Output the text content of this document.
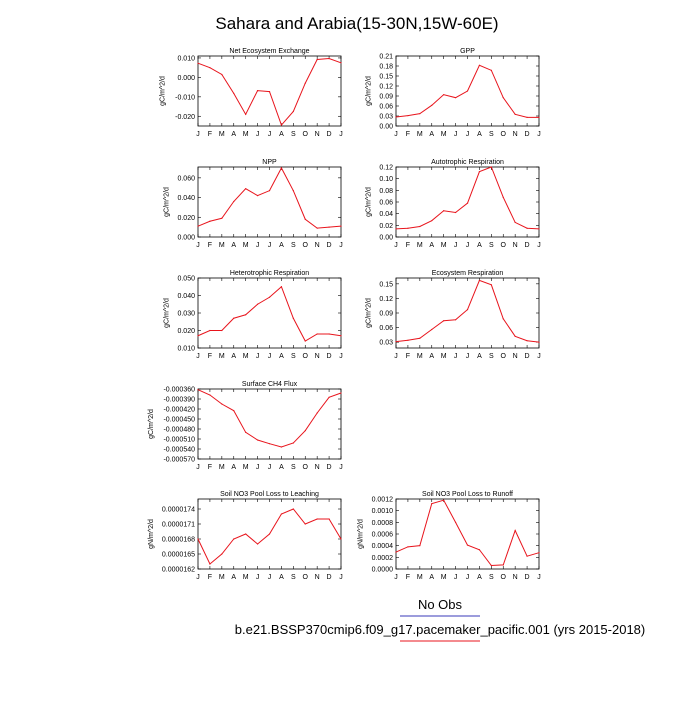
Sahara and Arabia(15-30N,15W-60E)
Net Ecosystem Exchange
J F M A M J J A S O N D J
0.010
0.000
-0.010
-0.020
gC/m^2/d
GPP
J F M A M J J A S O N D J
0.00
0.03
0.06
0.09
0.12
0.15
0.18
0.21
gC/m^2/d
NPP
J F M A M J J A S O N D J
0.000
0.020
0.040
0.060
gC/m^2/d
Autotrophic Respiration
J F M A M J J A S O N D J
0.00
0.02
0.04
0.06
0.08
0.10
0.12
gC/m^2/d
Heterotrophic Respiration
J F M A M J J A S O N D J
0.010
0.020
0.030
0.040
0.050
gC/m^2/d
Ecosystem Respiration
J F M A M J J A S O N D J
0.03
0.06
0.09
0.12
0.15
gC/m^2/d
Surface CH4 Flux
J F M A M J J A S O N D J
-0.000360
-0.000390
-0.000420
-0.000450
-0.000480
-0.000510
-0.000540
-0.000570
gC/m^2/d
Soil NO3 Pool Loss to Leaching
J F M A M J J A S O N D J
0.0000162
0.0000165
0.0000168
0.0000171
0.0000174
gN/m^2/d
Soil NO3 Pool Loss to Runoff
J F M A M J J A S O N D J
0.0000
0.0002
0.0004
0.0006
0.0008
0.0010
0.0012
gN/m^2/d
No Obs
b.e21.BSSP370cmip6.f09_g17.pacemaker_pacific.001 (yrs 2015-2018)
